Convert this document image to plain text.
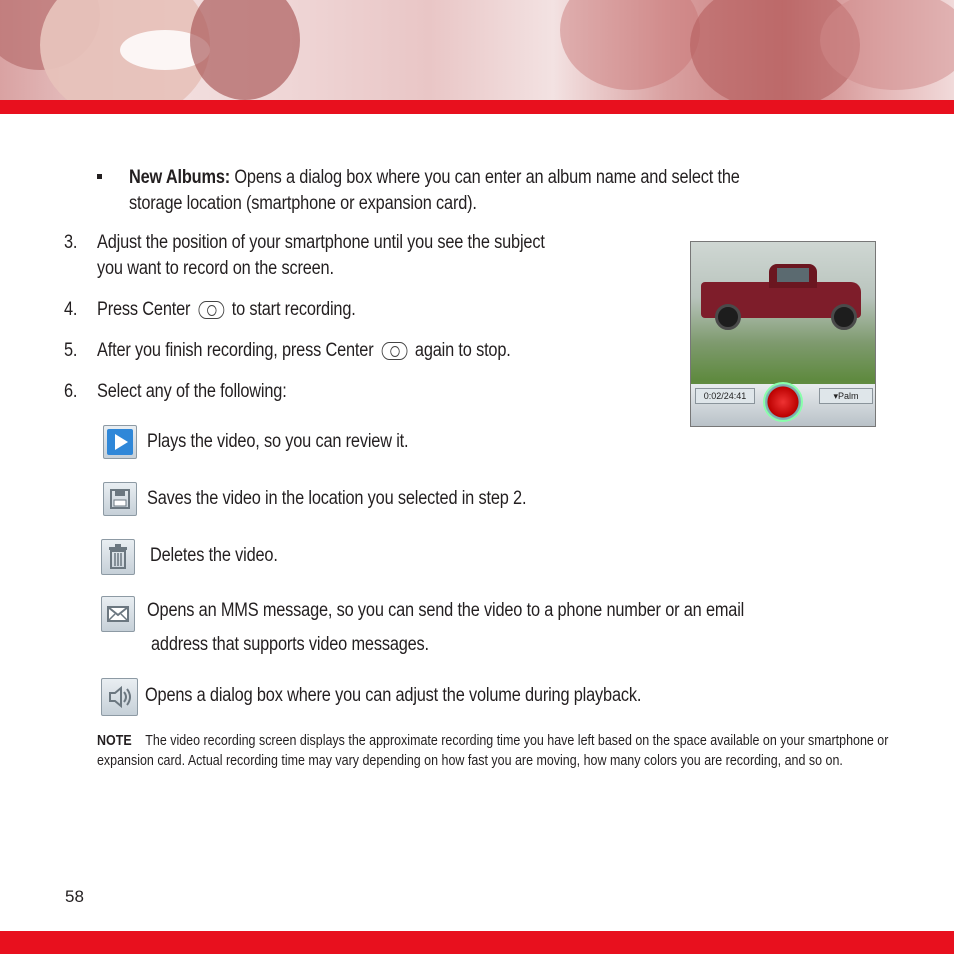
New Albums: Opens a dialog box where you can enter an album name and select the
storage location (smartphone or expansion card).
3. Adjust the position of your smartphone until you see the subject
you want to record on the screen.
4. Press Center to start recording.
5. After you finish recording, press Center again to stop.
6. Select any of the following:	0:02/24:41	▾Palm
Plays the video, so you can review it.
Saves the video in the location you selected in step 2.
Deletes the video.
Opens an MMS message, so you can send the video to a phone number or an email
address that supports video messages.
Opens a dialog box where you can adjust the volume during playback.
NOTE The video recording screen displays the approximate recording time you have left based on the space available on your smartphone or expansion card. Actual recording time may vary depending on how fast you are moving, how many colors you are recording, and so on.
58
